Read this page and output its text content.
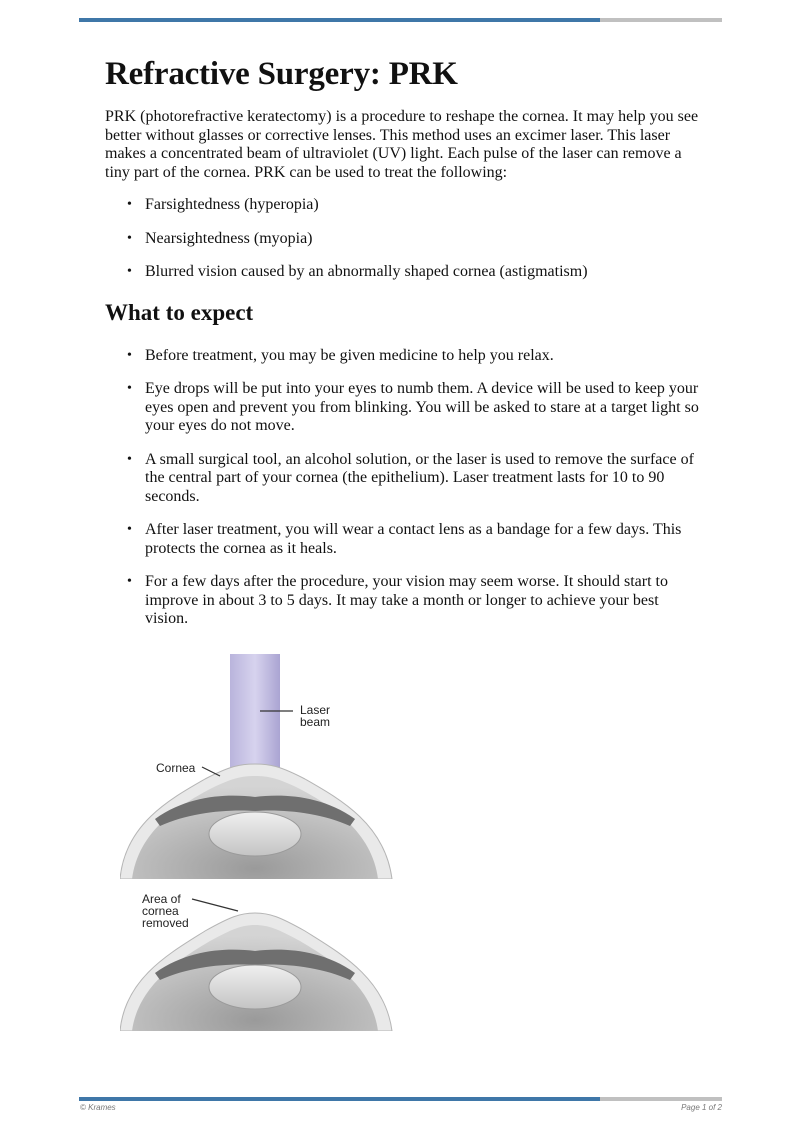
Refractive Surgery: PRK

PRK (photorefractive keratectomy) is a procedure to reshape the cornea. It may help you see better without glasses or corrective lenses. This method uses an excimer laser. This laser makes a concentrated beam of ultraviolet (UV) light. Each pulse of the laser can remove a tiny part of the cornea. PRK can be used to treat the following:

• Farsightedness (hyperopia)
• Nearsightedness (myopia)
• Blurred vision caused by an abnormally shaped cornea (astigmatism)
What to expect
• Before treatment, you may be given medicine to help you relax.
• Eye drops will be put into your eyes to numb them. A device will be used to keep your eyes open and prevent you from blinking. You will be asked to stare at a target light so your eyes do not move.
• A small surgical tool, an alcohol solution, or the laser is used to remove the surface of the central part of your cornea (the epithelium). Laser treatment lasts for 10 to 90 seconds.
• After laser treatment, you will wear a contact lens as a bandage for a few days. This protects the cornea as it heals.
• For a few days after the procedure, your vision may seem worse. It should start to improve in about 3 to 5 days. It may take a month or longer to achieve your best vision.
Laser
beam
Cornea
Area of
cornea
removed
© Krames	Page 1 of 2
